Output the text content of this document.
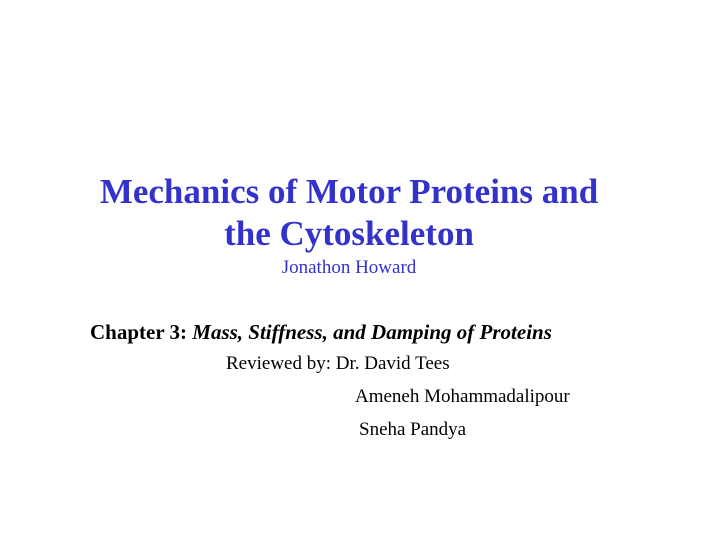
Mechanics of Motor Proteins and
the Cytoskeleton
Jonathon Howard
Chapter 3: Mass, Stiffness, and Damping of Proteins
Reviewed by: Dr. David Tees
Ameneh Mohammadalipour
Sneha Pandya
